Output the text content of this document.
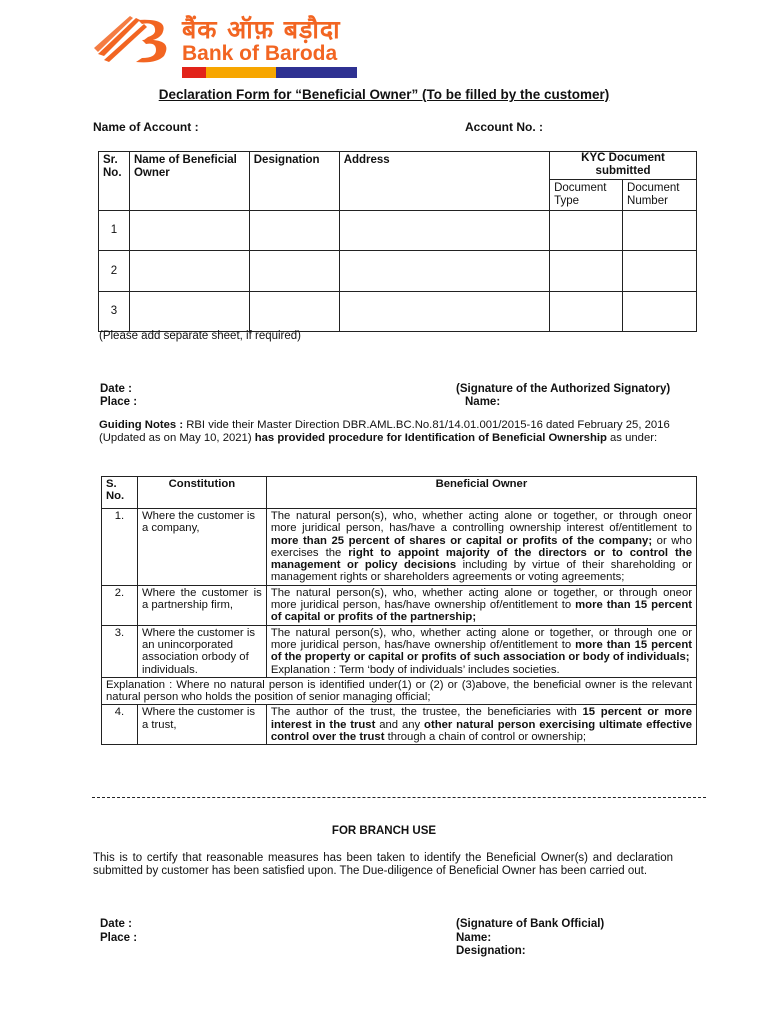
बैंक ऑफ़ बड़ौदा
Bank of Baroda
Declaration Form for “Beneficial Owner” (To be filled by the customer)
Name of Account :	Account No. :
Sr. No.	Name of Beneficial Owner	Designation	Address	KYC Document submitted	
				Document Type	Document Number
1					
2					
3					
(Please add separate sheet, if required)
Date :
Place :
(Signature of the Authorized Signatory)
Name:
Guiding Notes : RBI vide their Master Direction DBR.AML.BC.No.81/14.01.001/2015-16 dated February 25, 2016 (Updated as on May 10, 2021) has provided procedure for Identification of Beneficial Ownership as under:
S. No.	Constitution	Beneficial Owner
1.	Where the customer is a company,	The natural person(s), who, whether acting alone or together, or through oneor more juridical person, has/have a controlling ownership interest of/entitlement to more than 25 percent of shares or capital or profits of the company; or who exercises the right to appoint majority of the directors or to control the management or policy decisions including by virtue of their shareholding or management rights or shareholders agreements or voting agreements;
2.	Where the customer is a partnership firm,	The natural person(s), who, whether acting alone or together, or through oneor more juridical person, has/have ownership of/entitlement to more than 15 percent of capital or profits of the partnership;
3.	Where the customer is an unincorporated association orbody of individuals.	The natural person(s), who, whether acting alone or together, or through one or more juridical person, has/have ownership of/entitlement to more than 15 percent of the property or capital or profits of such association or body of individuals;
Explanation : Term ‘body of individuals’ includes societies.
Explanation : Where no natural person is identified under(1) or (2) or (3)above, the beneficial owner is the relevant natural person who holds the position of senior managing official;		
4.	Where the customer is a trust,	The author of the trust, the trustee, the beneficiaries with 15 percent or more interest in the trust and any other natural person exercising ultimate effective control over the trust through a chain of control or ownership;
FOR BRANCH USE
This is to certify that reasonable measures has been taken to identify the Beneficial Owner(s) and declaration submitted by customer has been satisfied upon. The Due-diligence of Beneficial Owner has been carried out.
Date :
Place :
(Signature of Bank Official)
Name:
Designation:
